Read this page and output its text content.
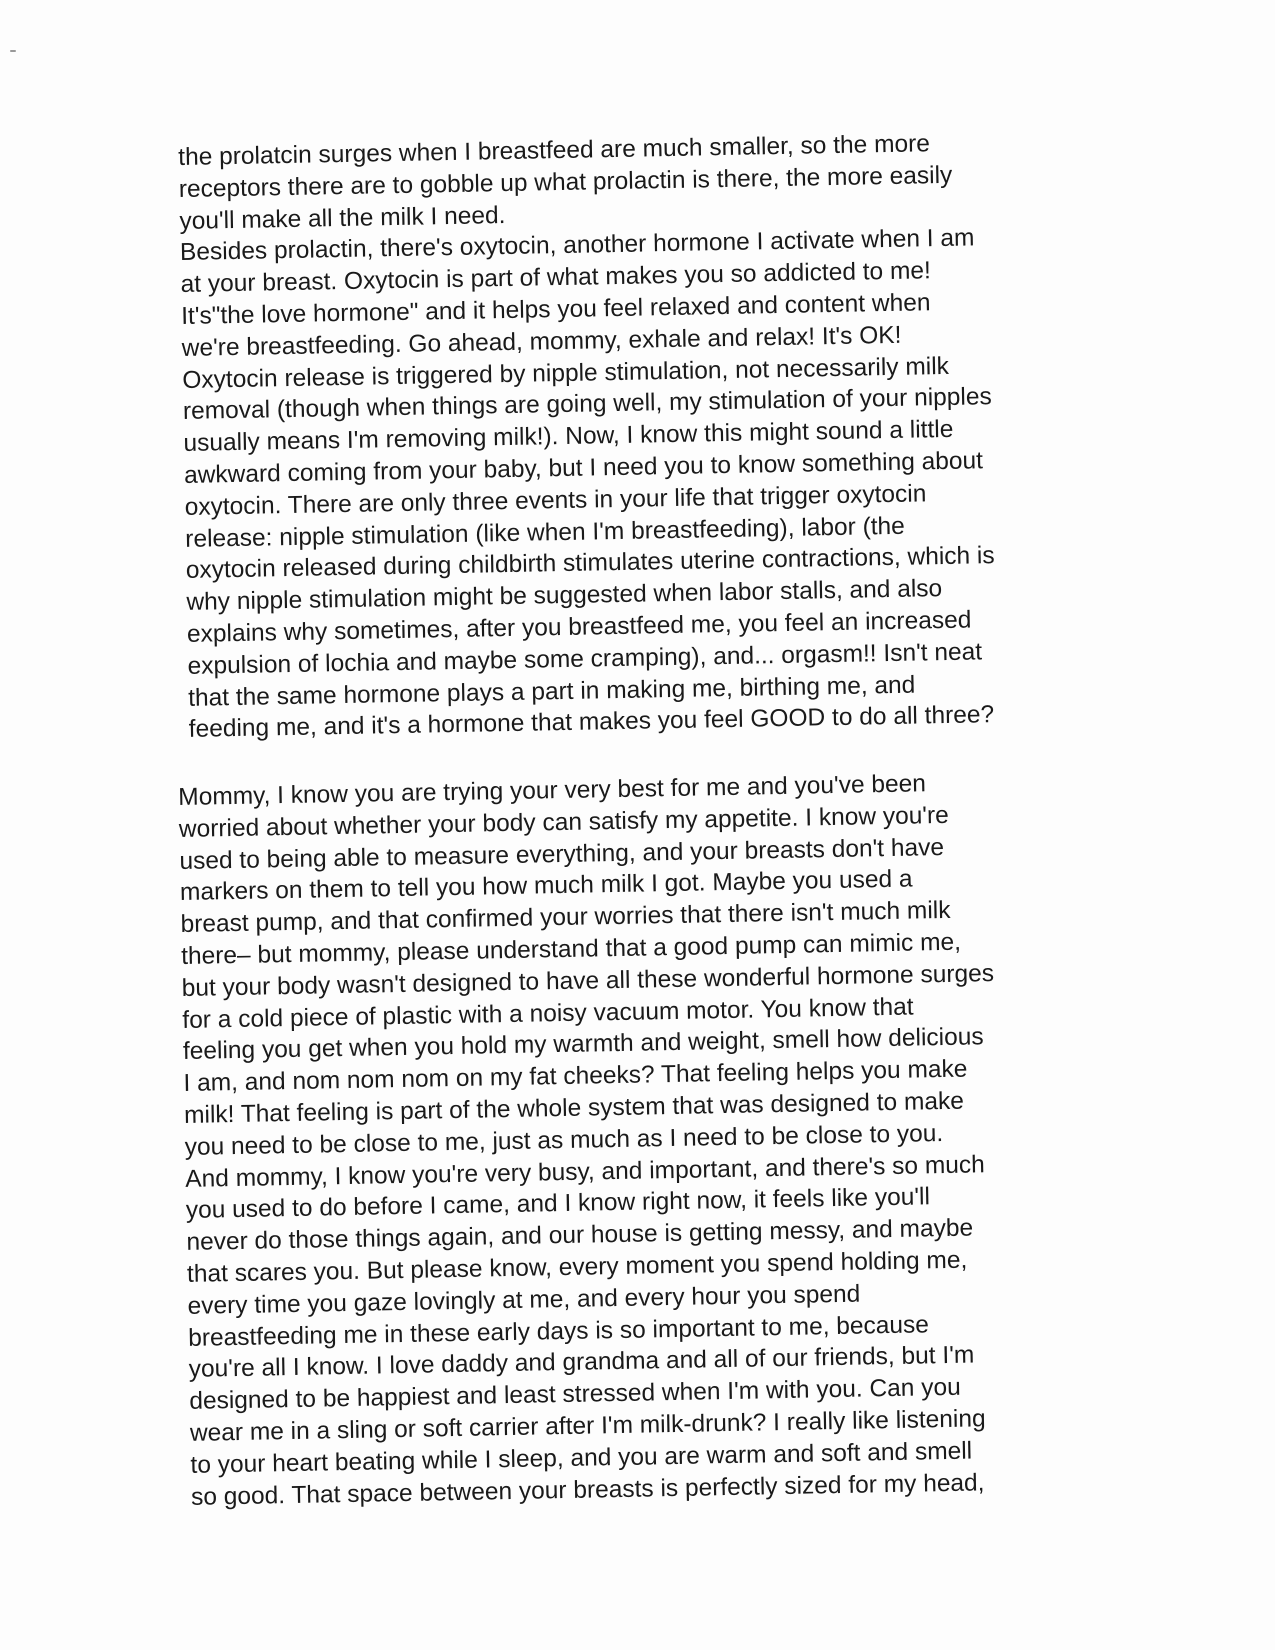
the prolatcin surges when I breastfeed are much smaller, so the more
receptors there are to gobble up what prolactin is there, the more easily
you'll make all the milk I need.
Besides prolactin, there's oxytocin, another hormone I activate when I am
at your breast. Oxytocin is part of what makes you so addicted to me!
It's"the love hormone" and it helps you feel relaxed and content when
we're breastfeeding. Go ahead, mommy, exhale and relax! It's OK!
Oxytocin release is triggered by nipple stimulation, not necessarily milk
removal (though when things are going well, my stimulation of your nipples
usually means I'm removing milk!). Now, I know this might sound a little
awkward coming from your baby, but I need you to know something about
oxytocin. There are only three events in your life that trigger oxytocin
release: nipple stimulation (like when I'm breastfeeding), labor (the
oxytocin released during childbirth stimulates uterine contractions, which is
why nipple stimulation might be suggested when labor stalls, and also
explains why sometimes, after you breastfeed me, you feel an increased
expulsion of lochia and maybe some cramping), and... orgasm!! Isn't neat
that the same hormone plays a part in making me, birthing me, and
feeding me, and it's a hormone that makes you feel GOOD to do all three?
Mommy, I know you are trying your very best for me and you've been
worried about whether your body can satisfy my appetite. I know you're
used to being able to measure everything, and your breasts don't have
markers on them to tell you how much milk I got. Maybe you used a
breast pump, and that confirmed your worries that there isn't much milk
there– but mommy, please understand that a good pump can mimic me,
but your body wasn't designed to have all these wonderful hormone surges
for a cold piece of plastic with a noisy vacuum motor. You know that
feeling you get when you hold my warmth and weight, smell how delicious
I am, and nom nom nom on my fat cheeks? That feeling helps you make
milk! That feeling is part of the whole system that was designed to make
you need to be close to me, just as much as I need to be close to you.
And mommy, I know you're very busy, and important, and there's so much
you used to do before I came, and I know right now, it feels like you'll
never do those things again, and our house is getting messy, and maybe
that scares you. But please know, every moment you spend holding me,
every time you gaze lovingly at me, and every hour you spend
breastfeeding me in these early days is so important to me, because
you're all I know. I love daddy and grandma and all of our friends, but I'm
designed to be happiest and least stressed when I'm with you. Can you
wear me in a sling or soft carrier after I'm milk-drunk? I really like listening
to your heart beating while I sleep, and you are warm and soft and smell
so good. That space between your breasts is perfectly sized for my head,
